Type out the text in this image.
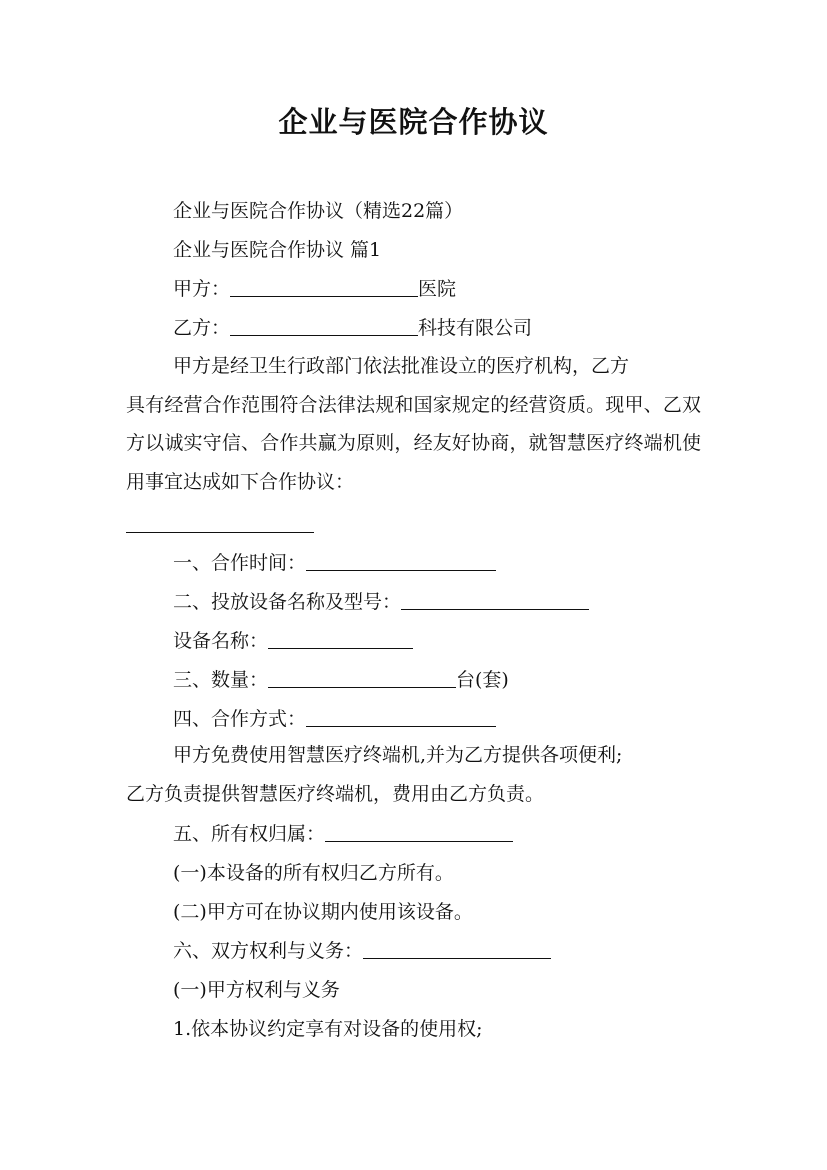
企业与医院合作协议
企业与医院合作协议（精选22篇）
企业与医院合作协议 篇1
甲方：	医院
乙方：	科技有限公司
甲方是经卫生行政部门依法批准设立的医疗机构，乙方
具有经营合作范围符合法律法规和国家规定的经营资质。现甲、乙双方以诚实守信、合作共赢为原则，经友好协商，就智慧医疗终端机使用事宜达成如下合作协议：
一、合作时间：
二、投放设备名称及型号：
设备名称：
三、数量：	台(套)
四、合作方式：
甲方免费使用智慧医疗终端机,并为乙方提供各项便利;
乙方负责提供智慧医疗终端机，费用由乙方负责。
五、所有权归属：
(一)本设备的所有权归乙方所有。
(二)甲方可在协议期内使用该设备。
六、双方权利与义务：
(一)甲方权利与义务
1.依本协议约定享有对设备的使用权;
